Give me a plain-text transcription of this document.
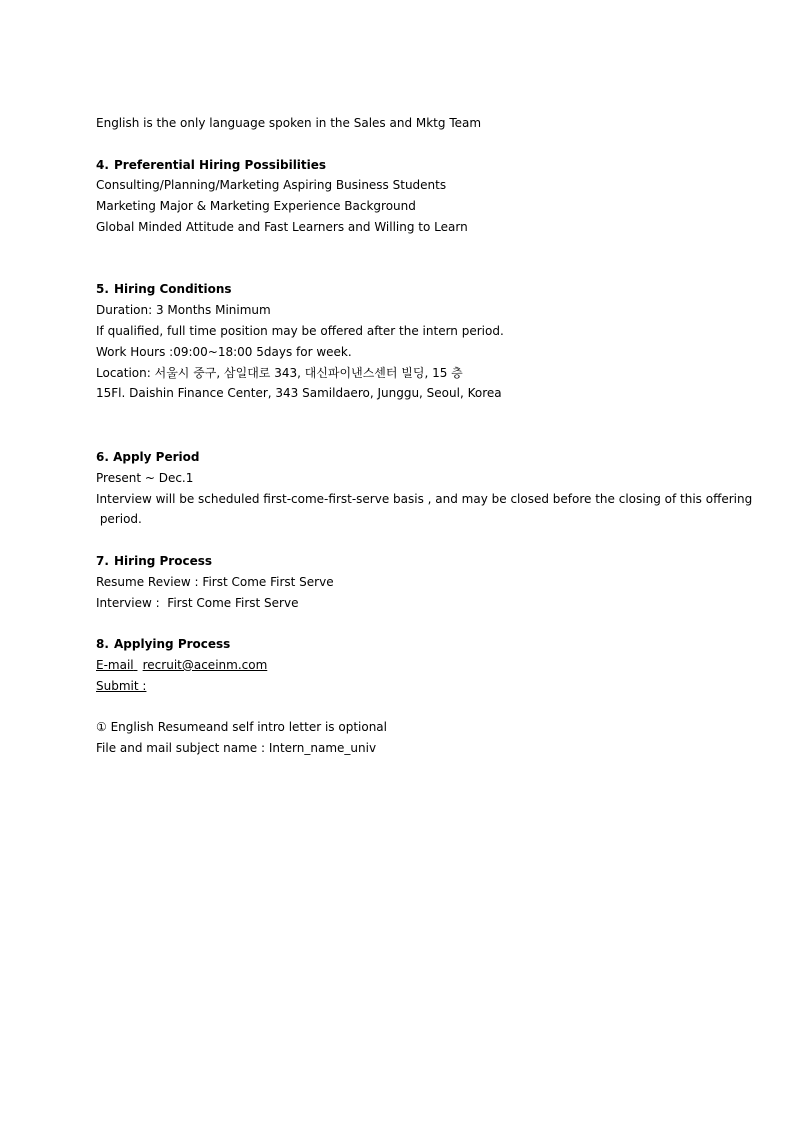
English is the only language spoken in the Sales and Mktg Team
4. Preferential Hiring Possibilities
Consulting/Planning/Marketing Aspiring Business Students
Marketing Major & Marketing Experience Background
Global Minded Attitude and Fast Learners and Willing to Learn
5. Hiring Conditions
Duration: 3 Months Minimum
If qualified, full time position may be offered after the intern period.
Work Hours :09:00~18:00 5days for week.
Location: 서울시 중구, 삼일대로 343, 대신파이낸스센터 빌딩, 15 층
15Fl. Daishin Finance Center, 343 Samildaero, Junggu, Seoul, Korea
6. Apply Period
Present ~ Dec.1
Interview will be scheduled first-come-first-serve basis , and may be closed before the closing of this offering
period.
7. Hiring Process
Resume Review : First Come First Serve
Interview :  First Come First Serve
8. Applying Process
E-mail recruit@aceinm.com
Submit :
① English Resumeand self intro letter is optional
File and mail subject name : Intern_name_univ
